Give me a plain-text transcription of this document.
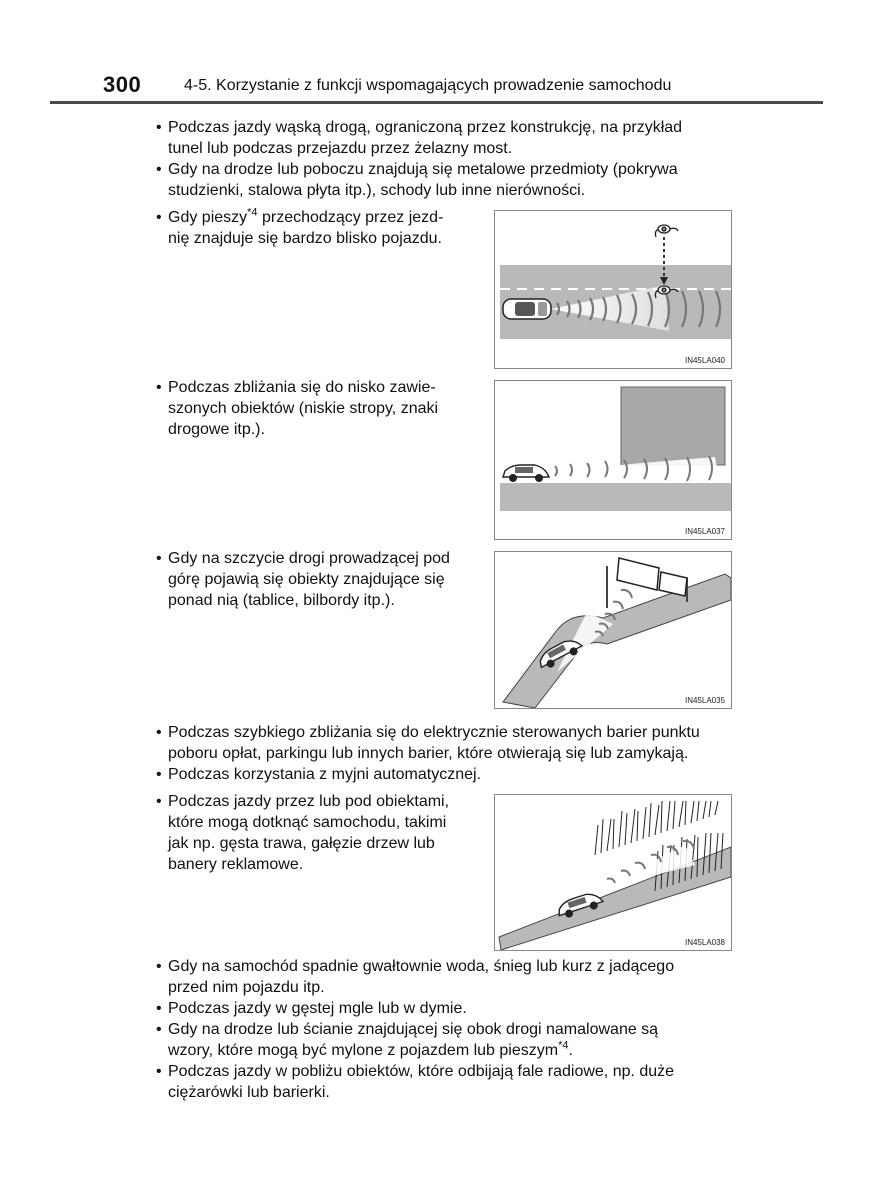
300	4-5. Korzystanie z funkcji wspomagających prowadzenie samochodu
• Podczas jazdy wąską drogą, ograniczoną przez konstrukcję, na przykład
tunel lub podczas przejazdu przez żelazny most.
• Gdy na drodze lub poboczu znajdują się metalowe przedmioty (pokrywa
studzienki, stalowa płyta itp.), schody lub inne nierówności.
• Gdy pieszy$^{*4}$ przechodzący przez jezd-
nię znajduje się bardzo blisko pojazdu.
IN45LA040
• Podczas zbliżania się do nisko zawie-
szonych obiektów (niskie stropy, znaki
drogowe itp.).
IN45LA037
• Gdy na szczycie drogi prowadzącej pod
górę pojawią się obiekty znajdujące się
ponad nią (tablice, bilbordy itp.).
IN45LA035
• Podczas szybkiego zbliżania się do elektrycznie sterowanych barier punktu
poboru opłat, parkingu lub innych barier, które otwierają się lub zamykają.
• Podczas korzystania z myjni automatycznej.
• Podczas jazdy przez lub pod obiektami,
które mogą dotknąć samochodu, takimi
jak np. gęsta trawa, gałęzie drzew lub
banery reklamowe.
IN45LA038
• Gdy na samochód spadnie gwałtownie woda, śnieg lub kurz z jadącego
przed nim pojazdu itp.
• Podczas jazdy w gęstej mgle lub w dymie.
• Gdy na drodze lub ścianie znajdującej się obok drogi namalowane są
wzory, które mogą być mylone z pojazdem lub pieszym$^{*4}$.
• Podczas jazdy w pobliżu obiektów, które odbijają fale radiowe, np. duże
ciężarówki lub barierki.
